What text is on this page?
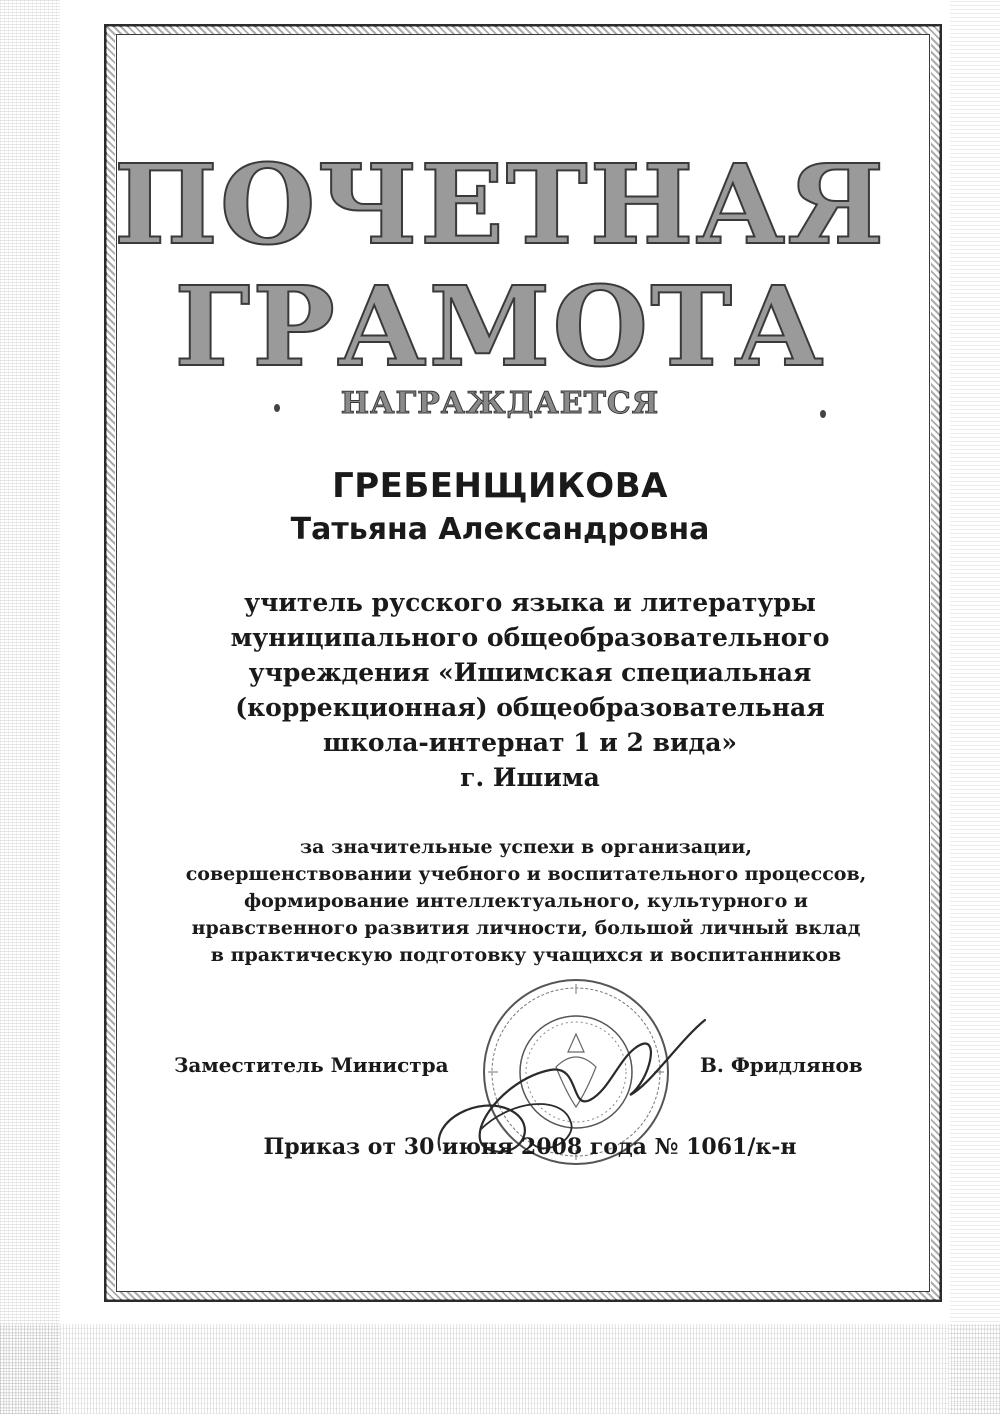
ПОЧЕТНАЯ
ГРАМОТА
НАГРАЖДАЕТСЯ
ГРЕБЕНЩИКОВА
Татьяна Александровна
учитель русского языка и литературы
муниципального общеобразовательного
учреждения «Ишимская специальная
(коррекционная) общеобразовательная
школа-интернат 1 и 2 вида»
г. Ишима
за значительные успехи в организации,
совершенствовании учебного и воспитательного процессов,
формирование интеллектуального, культурного и
нравственного развития личности, большой личный вклад
в практическую подготовку учащихся и воспитанников
Заместитель Министра	В. Фридлянов
Приказ от 30 июня 2008 года № 1061/к-н
